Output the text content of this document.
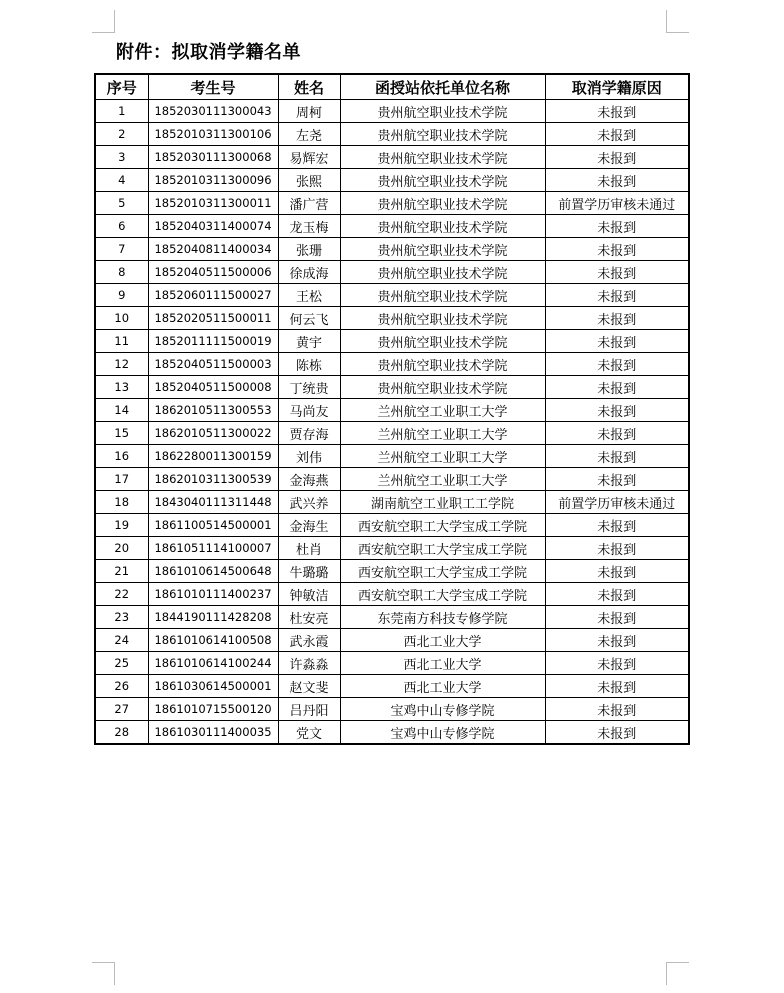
附件：拟取消学籍名单
序号	考生号	姓名	函授站依托单位名称	取消学籍原因
1	1852030111300043	周柯	贵州航空职业技术学院	未报到
2	1852010311300106	左尧	贵州航空职业技术学院	未报到
3	1852030111300068	易辉宏	贵州航空职业技术学院	未报到
4	1852010311300096	张熙	贵州航空职业技术学院	未报到
5	1852010311300011	潘广营	贵州航空职业技术学院	前置学历审核未通过
6	1852040311400074	龙玉梅	贵州航空职业技术学院	未报到
7	1852040811400034	张珊	贵州航空职业技术学院	未报到
8	1852040511500006	徐成海	贵州航空职业技术学院	未报到
9	1852060111500027	王松	贵州航空职业技术学院	未报到
10	1852020511500011	何云飞	贵州航空职业技术学院	未报到
11	1852011111500019	黄宇	贵州航空职业技术学院	未报到
12	1852040511500003	陈栋	贵州航空职业技术学院	未报到
13	1852040511500008	丁统贵	贵州航空职业技术学院	未报到
14	1862010511300553	马尚友	兰州航空工业职工大学	未报到
15	1862010511300022	贾存海	兰州航空工业职工大学	未报到
16	1862280011300159	刘伟	兰州航空工业职工大学	未报到
17	1862010311300539	金海燕	兰州航空工业职工大学	未报到
18	1843040111311448	武兴养	湖南航空工业职工工学院	前置学历审核未通过
19	1861100514500001	金海生	西安航空职工大学宝成工学院	未报到
20	1861051114100007	杜肖	西安航空职工大学宝成工学院	未报到
21	1861010614500648	牛璐璐	西安航空职工大学宝成工学院	未报到
22	1861010111400237	钟敏洁	西安航空职工大学宝成工学院	未报到
23	1844190111428208	杜安亮	东莞南方科技专修学院	未报到
24	1861010614100508	武永霞	西北工业大学	未报到
25	1861010614100244	许淼淼	西北工业大学	未报到
26	1861030614500001	赵文斐	西北工业大学	未报到
27	1861010715500120	吕丹阳	宝鸡中山专修学院	未报到
28	1861030111400035	党文	宝鸡中山专修学院	未报到
